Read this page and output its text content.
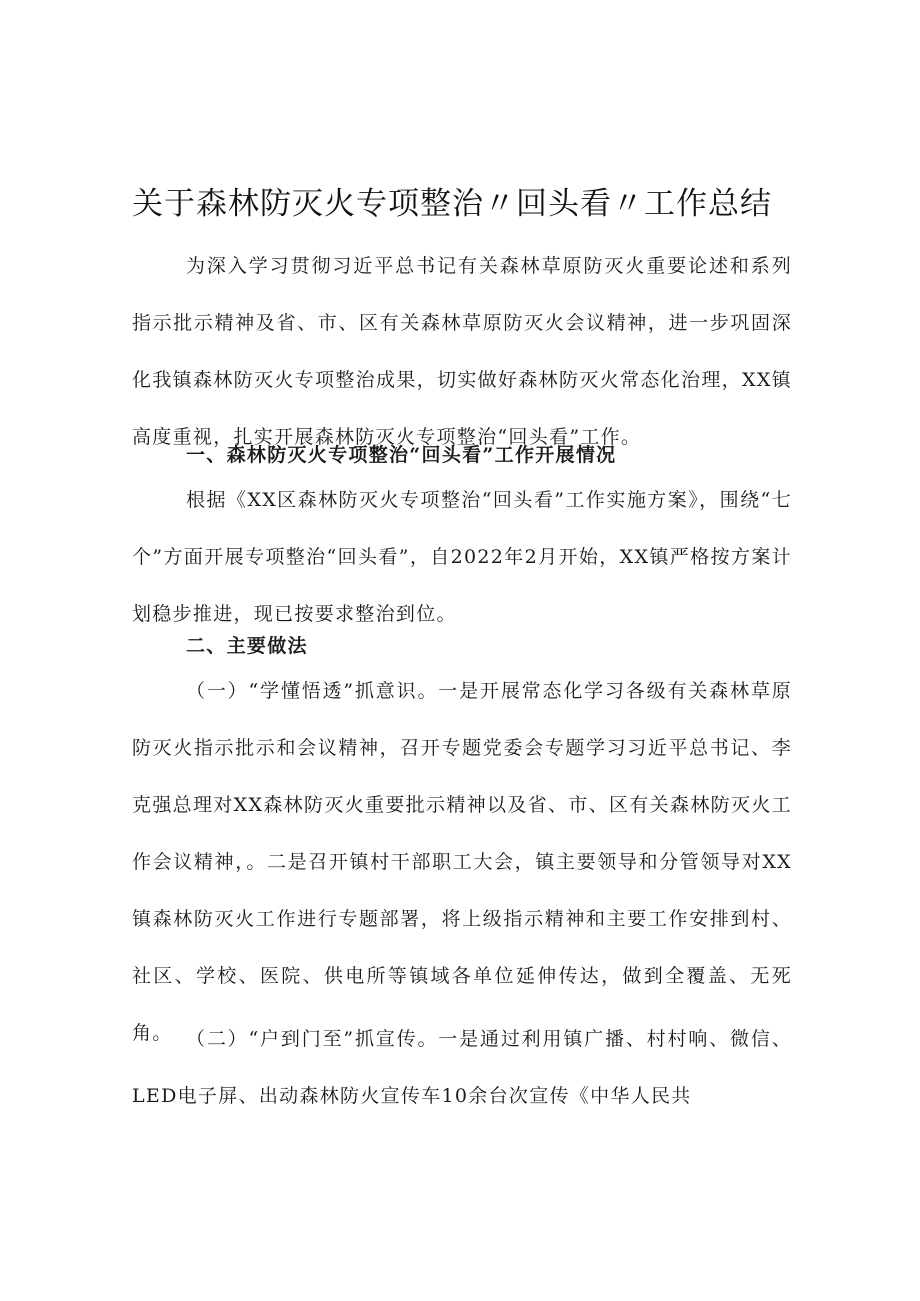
关于森林防灭火专项整治〃回头看〃工作总结

为深入学习贯彻习近平总书记有关森林草原防灭火重要论述和系列指示批示精神及省、市、区有关森林草原防灭火会议精神，进一步巩固深化我镇森林防灭火专项整治成果，切实做好森林防灭火常态化治理，XX镇高度重视，扎实开展森林防灭火专项整治“回头看”工作。

一、森林防灭火专项整治“回头看”工作开展情况

根据《XX区森林防灭火专项整治“回头看”工作实施方案》，围绕“七个”方面开展专项整治“回头看”，自2022年2月开始，XX镇严格按方案计划稳步推进，现已按要求整治到位。

二、主要做法

（一）“学懂悟透”抓意识。一是开展常态化学习各级有关森林草原防灭火指示批示和会议精神，召开专题党委会专题学习习近平总书记、李克强总理对XX森林防灭火重要批示精神以及省、市、区有关森林防灭火工作会议精神，。二是召开镇村干部职工大会，镇主要领导和分管领导对XX镇森林防灭火工作进行专题部署，将上级指示精神和主要工作安排到村、社区、学校、医院、供电所等镇域各单位延伸传达，做到全覆盖、无死角。 （二）“户到门至”抓宣传。一是通过利用镇广播、村村响、微信、LED电子屏、出动森林防火宣传车10余台次宣传《中华人民共
